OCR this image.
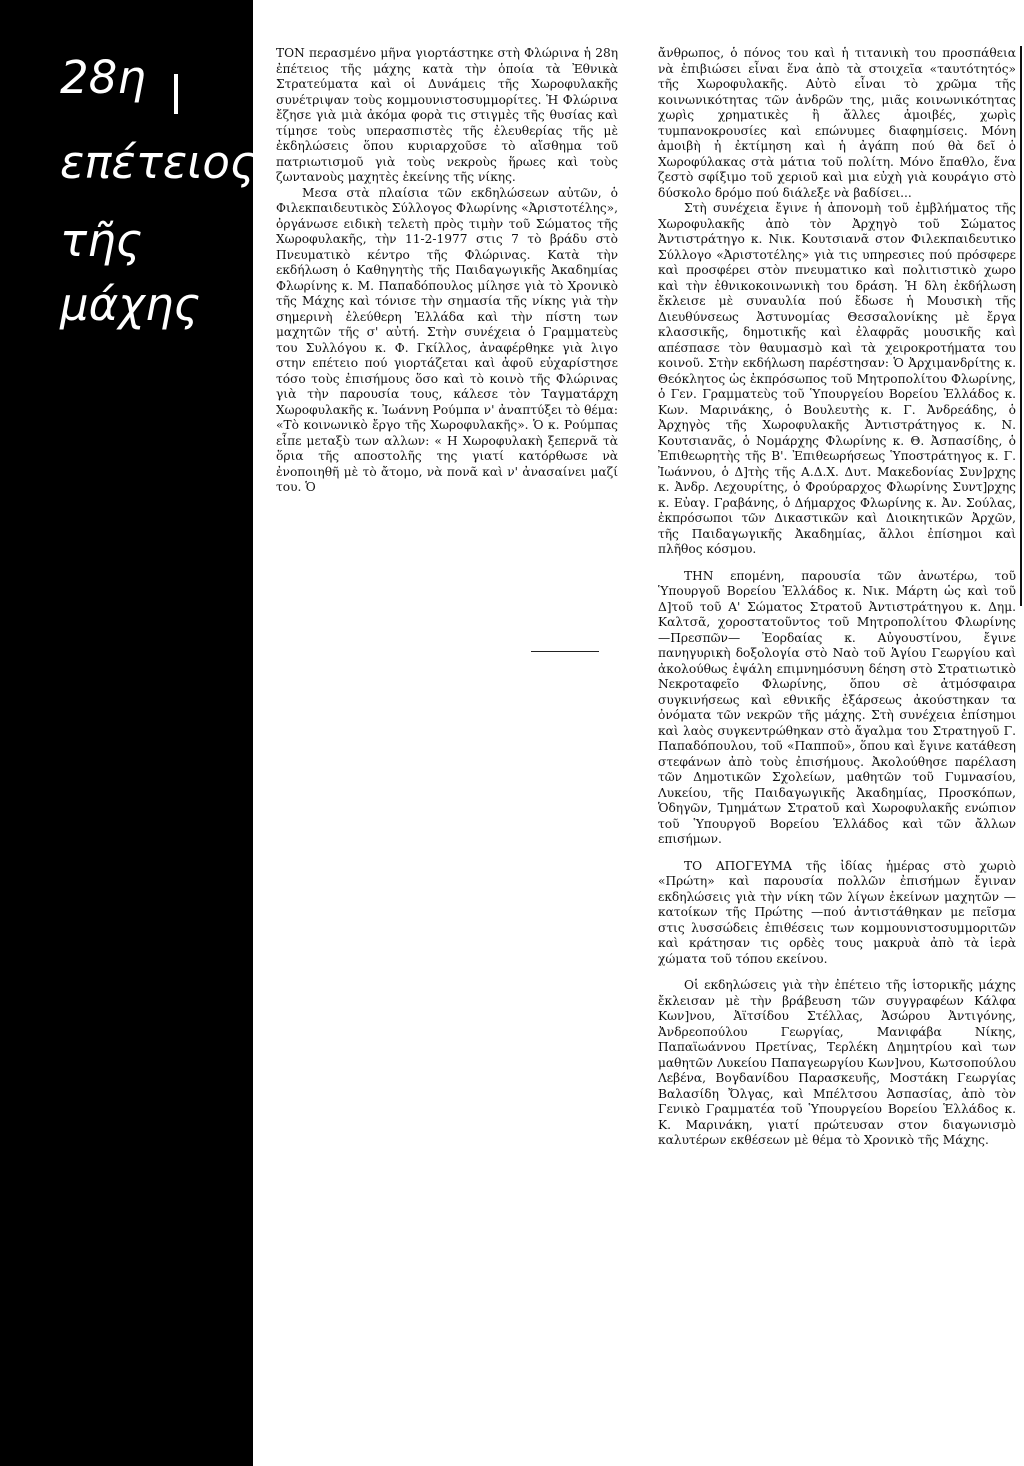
28η
επέτειος
τῆς
μάχης

ΤΟΝ περασμένο μῆνα γιορτάστηκε στὴ Φλώρινα ἡ 28η ἐπέτειος τῆς μάχης κατὰ τὴν ὁποία τὰ Ἐθνικὰ Στρατεύματα καὶ οἱ Δυνάμεις τῆς Χωροφυλακῆς συνέτριψαν τοὺς κομμουνιστοσυμμορίτες. Ἡ Φλώρινα ἔζησε γιὰ μιὰ ἀκόμα φορὰ τις στιγμὲς τῆς θυσίας καὶ τίμησε τοὺς υπερασπιστὲς τῆς ἐλευθερίας τῆς μὲ ἐκδηλώσεις ὅπου κυριαρχοῦσε τὸ αἴσθημα τοῦ πατριωτισμοῦ γιὰ τοὺς νεκροὺς ἥρωες καὶ τοὺς ζωντανοὺς μαχητὲς ἐκείνης τῆς νίκης.

Μεσα στὰ πλαίσια τῶν εκδηλώσεων αὐτῶν, ὁ Φιλεκπαιδευτικὸς Σύλλογος Φλωρίνης «Ἀριστοτέλης», ὀργάνωσε ειδικὴ τελετὴ πρὸς τιμὴν τοῦ Σώματος τῆς Χωροφυλακῆς, τὴν 11-2-1977 στις 7 τὸ βράδυ στὸ Πνευματικὸ κέντρο τῆς Φλώρινας. Κατὰ τὴν εκδήλωση ὁ Καθηγητὴς τῆς Παιδαγωγικῆς Ἀκαδημίας Φλωρίνης κ. Μ. Παπαδόπουλος μίλησε γιὰ τὸ Χρονικὸ τῆς Μάχης καὶ τόνισε τὴν σημασία τῆς νίκης γιὰ τὴν σημερινὴ ἐλεύθερη Ἑλλάδα καὶ τὴν πίστη των μαχητῶν τῆς σ' αὐτή. Στὴν συνέχεια ὁ Γραμματεὺς του Συλλόγου κ. Φ. Γκίλλος, ἀναφέρθηκε γιὰ λιγο στην επέτειο πού γιορτάζεται καὶ ἀφοῦ εὐχαρίστησε τόσο τοὺς ἐπισήμους ὅσο καὶ τὸ κοινὸ τῆς Φλώρινας γιὰ τὴν παρουσία τους, κάλεσε τὸν Ταγματάρχη Χωροφυλακῆς κ. Ἰωάννη Ρούμπα ν' ἀναπτύξει τὸ θέμα: «Τὸ κοινωνικὸ ἔργο τῆς Χωροφυλακῆς». Ὁ κ. Ρούμπας εἶπε μεταξὺ των αλλων: « Η Χωροφυλακὴ ξεπερνᾶ τὰ ὅρια τῆς αποστολῆς της γιατί κατόρθωσε νὰ ἐνοποιηθῆ μὲ τὸ ἄτομο, νὰ πονᾶ καὶ ν' ἀνασαίνει μαζί του. Ὁ

ἄνθρωπος, ὁ πόνος του καὶ ἡ τιτανικὴ του προσπάθεια νὰ ἐπιβιώσει εἶναι ἕνα ἀπὸ τὰ στοιχεῖα «ταυτότητός» τῆς Χωροφυλακῆς. Αὐτὸ εἶναι τὸ χρῶμα τῆς κοινωνικότητας τῶν ἀνδρῶν της, μιᾶς κοινωνικότητας χωρὶς χρηματικὲς ἢ ἄλλες ἀμοιβές, χωρὶς τυμπανοκρουσίες καὶ επώνυμες διαφημίσεις. Μόνη ἀμοιβὴ ἡ ἐκτίμηση καὶ ἡ ἀγάπη πού θὰ δεῖ ὁ Χωροφύλακας στὰ μάτια τοῦ πολίτη. Μόνο ἔπαθλο, ἕνα ζεστὸ σφίξιμο τοῦ χεριοῦ καὶ μια εὐχὴ γιὰ κουράγιο στὸ δύσκολο δρόμο πού διάλεξε νὰ βαδίσει...

Στὴ συνέχεια ἔγινε ἡ ἀπονομὴ τοῦ ἐμβλήματος τῆς Χωροφυλακῆς ἀπὸ τὸν Ἀρχηγὸ τοῦ Σώματος Ἀντιστράτηγο κ. Νικ. Κουτσιανᾶ στον Φιλεκπαιδευτικο Σύλλογο «Ἀριστοτέλης» γιὰ τις υπηρεσιες πού πρόσφερε καὶ προσφέρει στὸν πνευματικο καὶ πολιτιστικὸ χωρο καὶ τὴν ἐθνικοκοινωνικὴ του δράση. Ἡ δλη ἐκδήλωση ἔκλεισε μὲ συναυλία πού ἔδωσε ἡ Μουσικὴ τῆς Διευθύνσεως Ἀστυνομίας Θεσσαλονίκης μὲ ἔργα κλασσικῆς, δημοτικῆς καὶ ἐλαφρᾶς μουσικῆς καὶ απέσπασε τὸν θαυμασμὸ καὶ τὰ χειροκροτήματα του κοινοῦ. Στὴν εκδήλωση παρέστησαν: Ὁ Ἀρχιμανδρίτης κ. Θεόκλητος ὡς ἐκπρόσωπος τοῦ Μητροπολίτου Φλωρίνης, ὁ Γεν. Γραμματεὺς τοῦ Ὑπουργείου Βορείου Ἑλλάδος κ. Κων. Μαρινάκης, ὁ Βουλευτὴς κ. Γ. Ἀνδρεάδης, ὁ Ἀρχηγὸς τῆς Χωροφυλακῆς Ἀντιστράτηγος κ. Ν. Κουτσιανᾶς, ὁ Νομάρχης Φλωρίνης κ. Θ. Ἀσπασίδης, ὁ Ἐπιθεωρητὴς τῆς Β'. Ἐπιθεωρήσεως Ὑποστράτηγος κ. Γ. Ἰωάννου, ὁ Δ]τὴς τῆς Α.Δ.Χ. Δυτ. Μακεδονίας Συν]ρχης κ. Ἀνδρ. Λεχουρίτης, ὁ Φρούραρχος Φλωρίνης Συντ]ρχης κ. Εὐαγ. Γραβάνης, ὁ Δήμαρχος Φλωρίνης κ. Ἀν. Σούλας, ἐκπρόσωποι τῶν Δικαστικῶν καὶ Διοικητικῶν Ἀρχῶν, τῆς Παιδαγωγικῆς Ἀκαδημίας, ἄλλοι ἐπίσημοι καὶ πλῆθος κόσμου.

ΤΗΝ επομένη, παρουσία τῶν ἀνωτέρω, τοῦ Ὑπουργοῦ Βορείου Ἑλλάδος κ. Νικ. Μάρτη ὡς καὶ τοῦ Δ]τοῦ τοῦ Α' Σώματος Στρατοῦ Ἀντιστράτηγου κ. Δημ. Καλτσᾶ, χοροστατοῦντος τοῦ Μητροπολίτου Φλωρίνης —Πρεσπῶν— Ἐορδαίας κ. Αὐγουστίνου, ἔγινε πανηγυρικὴ δοξολογία στὸ Ναὸ τοῦ Ἁγίου Γεωργίου καὶ ἀκολούθως ἐψάλη επιμνημόσυνη δέηση στὸ Στρατιωτικὸ Νεκροταφεῖο Φλωρίνης, ὅπου σὲ ἀτμόσφαιρα συγκινήσεως καὶ εθνικῆς ἐξάρσεως ἀκούστηκαν τα ὀνόματα τῶν νεκρῶν τῆς μάχης. Στὴ συνέχεια ἐπίσημοι καὶ λαὸς συγκεντρώθηκαν στὸ ἄγαλμα του Στρατηγοῦ Γ. Παπαδόπουλου, τοῦ «Παπποῦ», ὅπου καὶ ἔγινε κατάθεση στεφάνων ἀπὸ τοὺς ἐπισήμους. Ἀκολούθησε παρέλαση τῶν Δημοτικῶν Σχολείων, μαθητῶν τοῦ Γυμνασίου, Λυκείου, τῆς Παιδαγωγικῆς Ἀκαδημίας, Προσκόπων, Ὁδηγῶν, Τμημάτων Στρατοῦ καὶ Χωροφυλακῆς ενώπιον τοῦ Ὑπουργοῦ Βορείου Ἑλλάδος καὶ τῶν ἄλλων επισήμων.

ΤΟ ΑΠΟΓΕΥΜΑ τῆς ἰδίας ἡμέρας στὸ χωριὸ «Πρώτη» καὶ παρουσία πολλῶν ἐπισήμων ἔγιναν εκδηλώσεις γιὰ τὴν νίκη τῶν λίγων ἐκείνων μαχητῶν —κατοίκων τῆς Πρώτης —πού ἀντιστάθηκαν με πεῖσμα στις λυσσώδεις ἐπιθέσεις των κομμουνιστοσυμμοριτῶν καὶ κράτησαν τις ορδὲς τους μακρυὰ ἀπὸ τὰ ἱερὰ χώματα τοῦ τόπου εκείνου.

Οἱ εκδηλώσεις γιὰ τὴν ἐπέτειο τῆς ἱστορικῆς μάχης ἔκλεισαν μὲ τὴν βράβευση τῶν συγγραφέων Κάλφα Κων]νου, Ἀϊτσίδου Στέλλας, Ἀσώρου Ἀντιγόνης, Ἀνδρεοπούλου Γεωργίας, Μανιφάβα Νίκης, Παπαϊωάννου Πρετίνας, Τερλέκη Δημητρίου καὶ των μαθητῶν Λυκείου Παπαγεωργίου Κων]νου, Κωτσοπούλου Λεβένα, Βογδανίδου Παρασκευῆς, Μοστάκη Γεωργίας Βαλασίδη Ὄλγας, καὶ Μπέλτσου Ἀσπασίας, ἀπὸ τὸν Γενικὸ Γραμματέα τοῦ Ὑπουργείου Βορείου Ἑλλάδος κ. Κ. Μαρινάκη, γιατί πρώτευσαν στον διαγωνισμὸ καλυτέρων εκθέσεων μὲ θέμα τὸ Χρονικὸ τῆς Μάχης.
